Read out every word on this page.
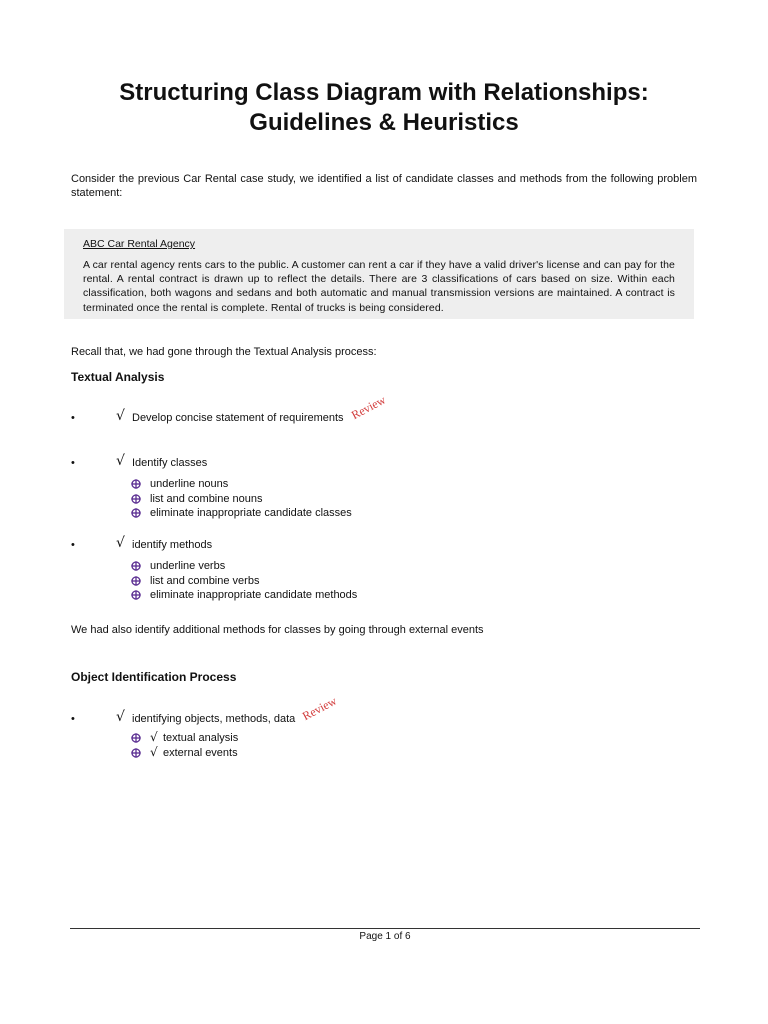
Structuring Class Diagram with Relationships:
Guidelines & Heuristics
Consider the previous Car Rental case study, we identified a list of candidate classes and methods from the following problem statement:
ABC Car Rental Agency
A car rental agency rents cars to the public. A customer can rent a car if they have a valid driver's license and can pay for the rental. A rental contract is drawn up to reflect the details. There are 3 classifications of cars based on size. Within each classification, both wagons and sedans and both automatic and manual transmission versions are maintained. A contract is terminated once the rental is complete. Rental of trucks is being considered.
Recall that, we had gone through the Textual Analysis process:
Textual Analysis
•	√ Develop concise statement of requirements Review
•	√ Identify classes
underline nouns
list and combine nouns
eliminate inappropriate candidate classes
•	√ identify methods
underline verbs
list and combine verbs
eliminate inappropriate candidate methods
We had also identify additional methods for classes by going through external events
Object Identification Process
•	√ identifying objects, methods, data Review
√ textual analysis
√ external events
Page 1 of 6
